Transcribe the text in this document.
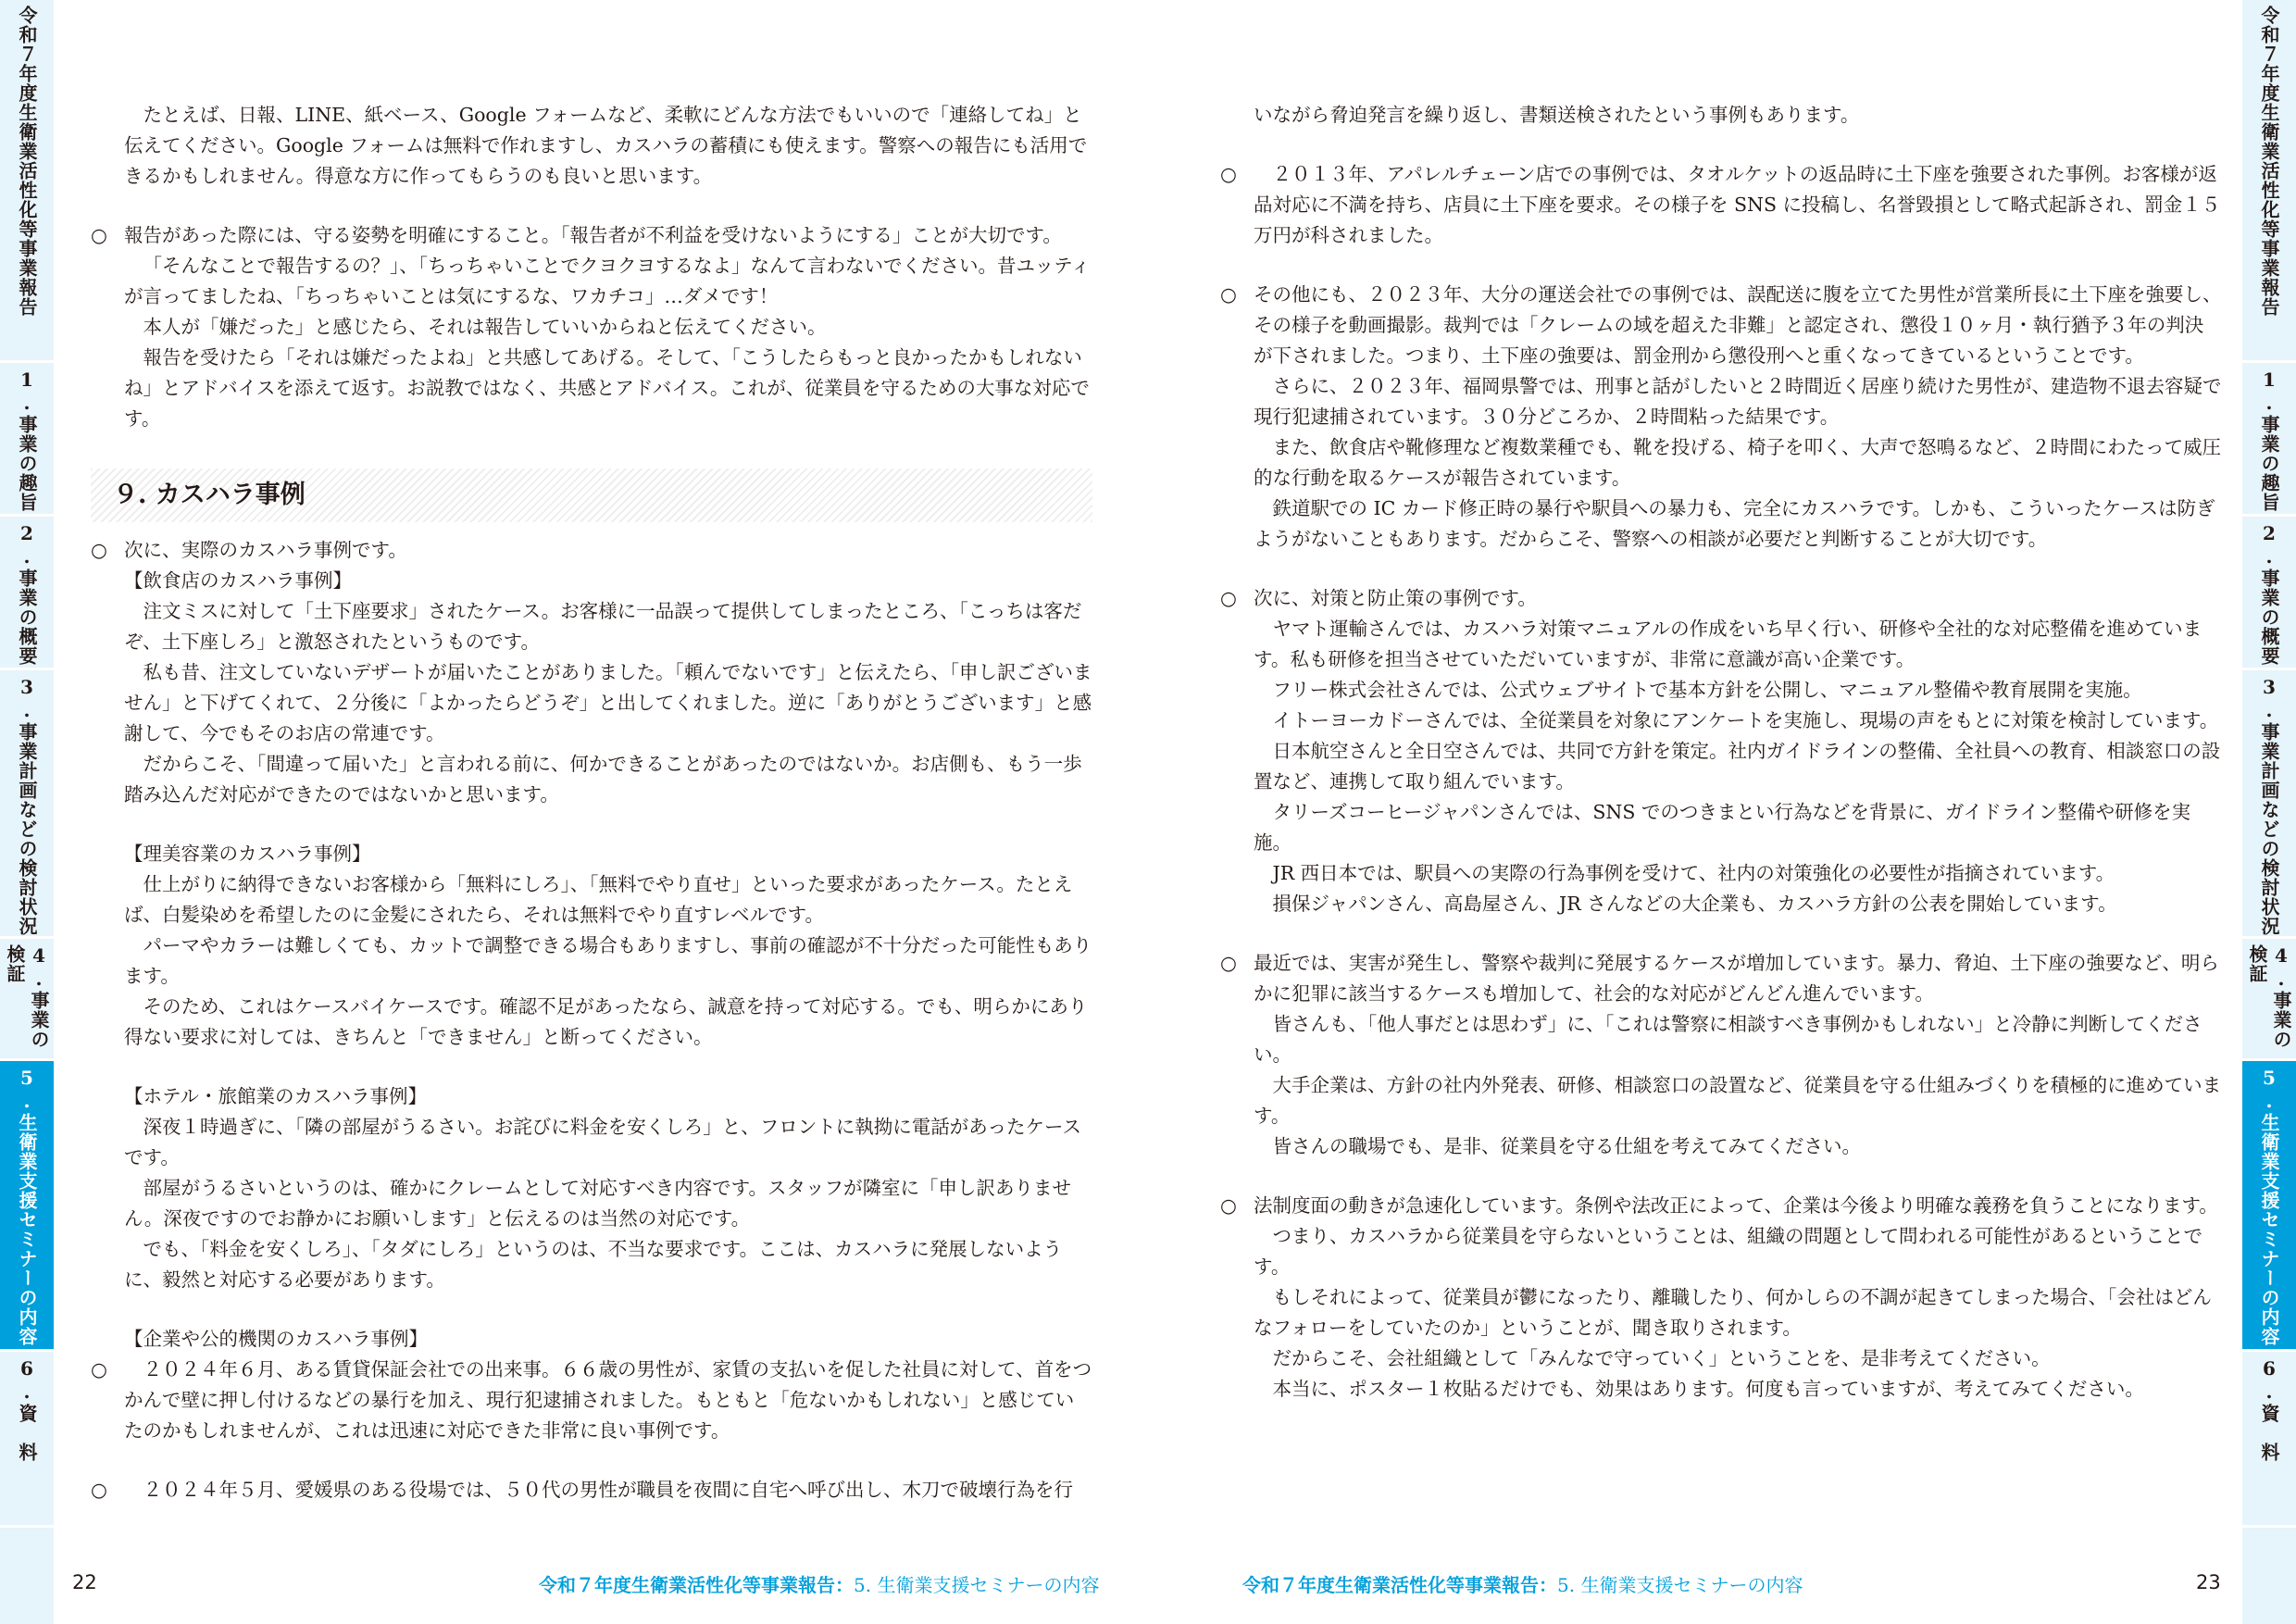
令和７年度生衛業活性化等事業報告
1.事業の趣旨
2.事業の概要
3.事業計画などの検討状況
4.事業の検証
5.生衛業支援セミナーの内容
6.資　料
令和７年度生衛業活性化等事業報告
1.事業の趣旨
2.事業の概要
3.事業計画などの検討状況
4.事業の検証
5.生衛業支援セミナーの内容
6.資　料

たとえば、日報、LINE、紙ベース、Google フォームなど、柔軟にどんな方法でもいいので「連絡してね」と伝えてください。Google フォームは無料で作れますし、カスハラの蓄積にも使えます。警察への報告にも活用できるかもしれません。得意な方に作ってもらうのも良いと思います。

○ 報告があった際には、守る姿勢を明確にすること。「報告者が不利益を受けないようにする」ことが大切です。

「そんなことで報告するの？」、「ちっちゃいことでクヨクヨするなよ」なんて言わないでください。昔ユッティが言ってましたね、「ちっちゃいことは気にするな、ワカチコ」…ダメです！

本人が「嫌だった」と感じたら、それは報告していいからねと伝えてください。

報告を受けたら「それは嫌だったよね」と共感してあげる。そして、「こうしたらもっと良かったかもしれないね」とアドバイスを添えて返す。お説教ではなく、共感とアドバイス。これが、従業員を守るための大事な対応です。

９. カスハラ事例
○ 次に、実際のカスハラ事例です。

【飲食店のカスハラ事例】

注文ミスに対して「土下座要求」されたケース。お客様に一品誤って提供してしまったところ、「こっちは客だぞ、土下座しろ」と激怒されたというものです。

私も昔、注文していないデザートが届いたことがありました。「頼んでないです」と伝えたら、「申し訳ございません」と下げてくれて、２分後に「よかったらどうぞ」と出してくれました。逆に「ありがとうございます」と感謝して、今でもそのお店の常連です。

だからこそ、「間違って届いた」と言われる前に、何かできることがあったのではないか。お店側も、もう一歩踏み込んだ対応ができたのではないかと思います。

【理美容業のカスハラ事例】

仕上がりに納得できないお客様から「無料にしろ」、「無料でやり直せ」といった要求があったケース。たとえば、白髪染めを希望したのに金髪にされたら、それは無料でやり直すレベルです。

パーマやカラーは難しくても、カットで調整できる場合もありますし、事前の確認が不十分だった可能性もあります。

そのため、これはケースバイケースです。確認不足があったなら、誠意を持って対応する。でも、明らかにあり得ない要求に対しては、きちんと「できません」と断ってください。

【ホテル・旅館業のカスハラ事例】

深夜１時過ぎに、「隣の部屋がうるさい。お詫びに料金を安くしろ」と、フロントに執拗に電話があったケースです。

部屋がうるさいというのは、確かにクレームとして対応すべき内容です。スタッフが隣室に「申し訳ありません。深夜ですのでお静かにお願いします」と伝えるのは当然の対応です。

でも、「料金を安くしろ」、「タダにしろ」というのは、不当な要求です。ここは、カスハラに発展しないように、毅然と対応する必要があります。

【企業や公的機関のカスハラ事例】

○	２０２４年６月、ある賃貸保証会社での出来事。６６歳の男性が、家賃の支払いを促した社員に対して、首をつかんで壁に押し付けるなどの暴行を加え、現行犯逮捕されました。もともと「危ないかもしれない」と感じていたのかもしれませんが、これは迅速に対応できた非常に良い事例です。

○	２０２４年５月、愛媛県のある役場では、５０代の男性が職員を夜間に自宅へ呼び出し、木刀で破壊行為を行

いながら脅迫発言を繰り返し、書類送検されたという事例もあります。

○	２０１３年、アパレルチェーン店での事例では、タオルケットの返品時に土下座を強要された事例。お客様が返品対応に不満を持ち、店員に土下座を要求。その様子を SNS に投稿し、名誉毀損として略式起訴され、罰金１５万円が科されました。

○ その他にも、２０２３年、大分の運送会社での事例では、誤配送に腹を立てた男性が営業所長に土下座を強要し、その様子を動画撮影。裁判では「クレームの域を超えた非難」と認定され、懲役１０ヶ月・執行猶予３年の判決が下されました。つまり、土下座の強要は、罰金刑から懲役刑へと重くなってきているということです。

さらに、２０２３年、福岡県警では、刑事と話がしたいと２時間近く居座り続けた男性が、建造物不退去容疑で現行犯逮捕されています。３０分どころか、２時間粘った結果です。

また、飲食店や靴修理など複数業種でも、靴を投げる、椅子を叩く、大声で怒鳴るなど、２時間にわたって威圧的な行動を取るケースが報告されています。

鉄道駅での IC カード修正時の暴行や駅員への暴力も、完全にカスハラです。しかも、こういったケースは防ぎようがないこともあります。だからこそ、警察への相談が必要だと判断することが大切です。

○ 次に、対策と防止策の事例です。

ヤマト運輸さんでは、カスハラ対策マニュアルの作成をいち早く行い、研修や全社的な対応整備を進めています。私も研修を担当させていただいていますが、非常に意識が高い企業です。

フリー株式会社さんでは、公式ウェブサイトで基本方針を公開し、マニュアル整備や教育展開を実施。

イトーヨーカドーさんでは、全従業員を対象にアンケートを実施し、現場の声をもとに対策を検討しています。

日本航空さんと全日空さんでは、共同で方針を策定。社内ガイドラインの整備、全社員への教育、相談窓口の設置など、連携して取り組んでいます。

タリーズコーヒージャパンさんでは、SNS でのつきまとい行為などを背景に、ガイドライン整備や研修を実施。

JR 西日本では、駅員への実際の行為事例を受けて、社内の対策強化の必要性が指摘されています。

損保ジャパンさん、高島屋さん、JR さんなどの大企業も、カスハラ方針の公表を開始しています。

○ 最近では、実害が発生し、警察や裁判に発展するケースが増加しています。暴力、脅迫、土下座の強要など、明らかに犯罪に該当するケースも増加して、社会的な対応がどんどん進んでいます。

皆さんも、「他人事だとは思わず」に、「これは警察に相談すべき事例かもしれない」と冷静に判断してください。

大手企業は、方針の社内外発表、研修、相談窓口の設置など、従業員を守る仕組みづくりを積極的に進めています。

皆さんの職場でも、是非、従業員を守る仕組を考えてみてください。

○ 法制度面の動きが急速化しています。条例や法改正によって、企業は今後より明確な義務を負うことになります。

つまり、カスハラから従業員を守らないということは、組織の問題として問われる可能性があるということです。

もしそれによって、従業員が鬱になったり、離職したり、何かしらの不調が起きてしまった場合、「会社はどんなフォローをしていたのか」ということが、聞き取りされます。

だからこそ、会社組織として「みんなで守っていく」ということを、是非考えてください。

本当に、ポスター１枚貼るだけでも、効果はあります。何度も言っていますが、考えてみてください。

22	令和７年度生衛業活性化等事業報告：5. 生衛業支援セミナーの内容	令和７年度生衛業活性化等事業報告：5. 生衛業支援セミナーの内容	23
